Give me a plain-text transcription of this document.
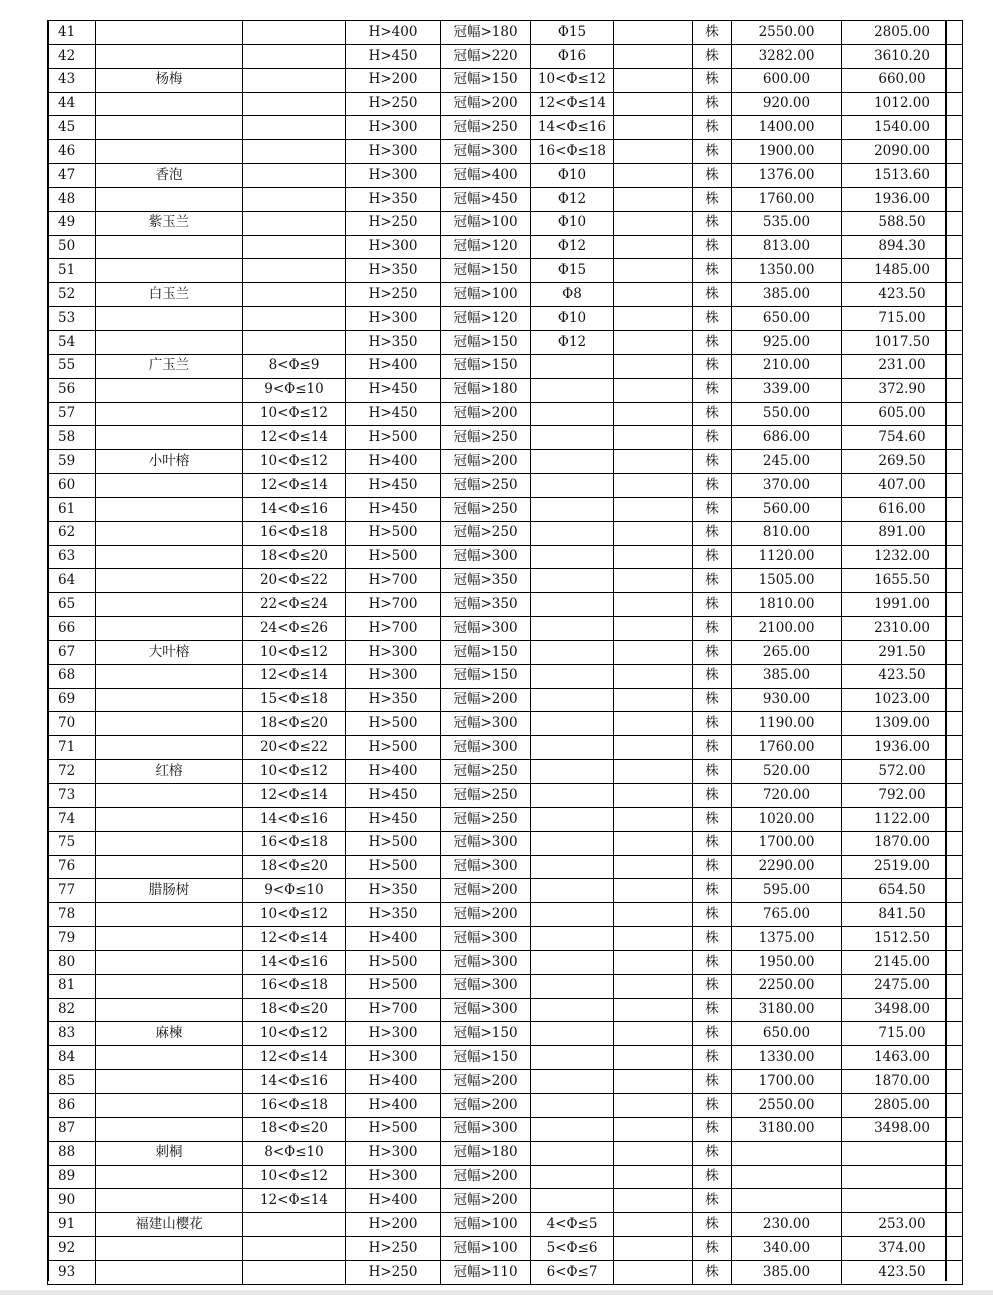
41			H>400	冠幅>180	Φ15		株	2550.00	2805.00
42			H>450	冠幅>220	Φ16		株	3282.00	3610.20
43	杨梅		H>200	冠幅>150	10<Φ≤12		株	600.00	660.00
44			H>250	冠幅>200	12<Φ≤14		株	920.00	1012.00
45			H>300	冠幅>250	14<Φ≤16		株	1400.00	1540.00
46			H>300	冠幅>300	16<Φ≤18		株	1900.00	2090.00
47	香泡		H>300	冠幅>400	Φ10		株	1376.00	1513.60
48			H>350	冠幅>450	Φ12		株	1760.00	1936.00
49	紫玉兰		H>250	冠幅>100	Φ10		株	535.00	588.50
50			H>300	冠幅>120	Φ12		株	813.00	894.30
51			H>350	冠幅>150	Φ15		株	1350.00	1485.00
52	白玉兰		H>250	冠幅>100	Φ8		株	385.00	423.50
53			H>300	冠幅>120	Φ10		株	650.00	715.00
54			H>350	冠幅>150	Φ12		株	925.00	1017.50
55	广玉兰	8<Φ≤9	H>400	冠幅>150			株	210.00	231.00
56		9<Φ≤10	H>450	冠幅>180			株	339.00	372.90
57		10<Φ≤12	H>450	冠幅>200			株	550.00	605.00
58		12<Φ≤14	H>500	冠幅>250			株	686.00	754.60
59	小叶榕	10<Φ≤12	H>400	冠幅>200			株	245.00	269.50
60		12<Φ≤14	H>450	冠幅>250			株	370.00	407.00
61		14<Φ≤16	H>450	冠幅>250			株	560.00	616.00
62		16<Φ≤18	H>500	冠幅>250			株	810.00	891.00
63		18<Φ≤20	H>500	冠幅>300			株	1120.00	1232.00
64		20<Φ≤22	H>700	冠幅>350			株	1505.00	1655.50
65		22<Φ≤24	H>700	冠幅>350			株	1810.00	1991.00
66		24<Φ≤26	H>700	冠幅>300			株	2100.00	2310.00
67	大叶榕	10<Φ≤12	H>300	冠幅>150			株	265.00	291.50
68		12<Φ≤14	H>300	冠幅>150			株	385.00	423.50
69		15<Φ≤18	H>350	冠幅>200			株	930.00	1023.00
70		18<Φ≤20	H>500	冠幅>300			株	1190.00	1309.00
71		20<Φ≤22	H>500	冠幅>300			株	1760.00	1936.00
72	红榕	10<Φ≤12	H>400	冠幅>250			株	520.00	572.00
73		12<Φ≤14	H>450	冠幅>250			株	720.00	792.00
74		14<Φ≤16	H>450	冠幅>250			株	1020.00	1122.00
75		16<Φ≤18	H>500	冠幅>300			株	1700.00	1870.00
76		18<Φ≤20	H>500	冠幅>300			株	2290.00	2519.00
77	腊肠树	9<Φ≤10	H>350	冠幅>200			株	595.00	654.50
78		10<Φ≤12	H>350	冠幅>200			株	765.00	841.50
79		12<Φ≤14	H>400	冠幅>300			株	1375.00	1512.50
80		14<Φ≤16	H>500	冠幅>300			株	1950.00	2145.00
81		16<Φ≤18	H>500	冠幅>300			株	2250.00	2475.00
82		18<Φ≤20	H>700	冠幅>300			株	3180.00	3498.00
83	麻楝	10<Φ≤12	H>300	冠幅>150			株	650.00	715.00
84		12<Φ≤14	H>300	冠幅>150			株	1330.00	1463.00
85		14<Φ≤16	H>400	冠幅>200			株	1700.00	1870.00
86		16<Φ≤18	H>400	冠幅>200			株	2550.00	2805.00
87		18<Φ≤20	H>500	冠幅>300			株	3180.00	3498.00
88	刺桐	8<Φ≤10	H>300	冠幅>180			株		
89		10<Φ≤12	H>300	冠幅>200			株		
90		12<Φ≤14	H>400	冠幅>200			株		
91	福建山樱花		H>200	冠幅>100	4<Φ≤5		株	230.00	253.00
92			H>250	冠幅>100	5<Φ≤6		株	340.00	374.00
93			H>250	冠幅>110	6<Φ≤7		株	385.00	423.50
